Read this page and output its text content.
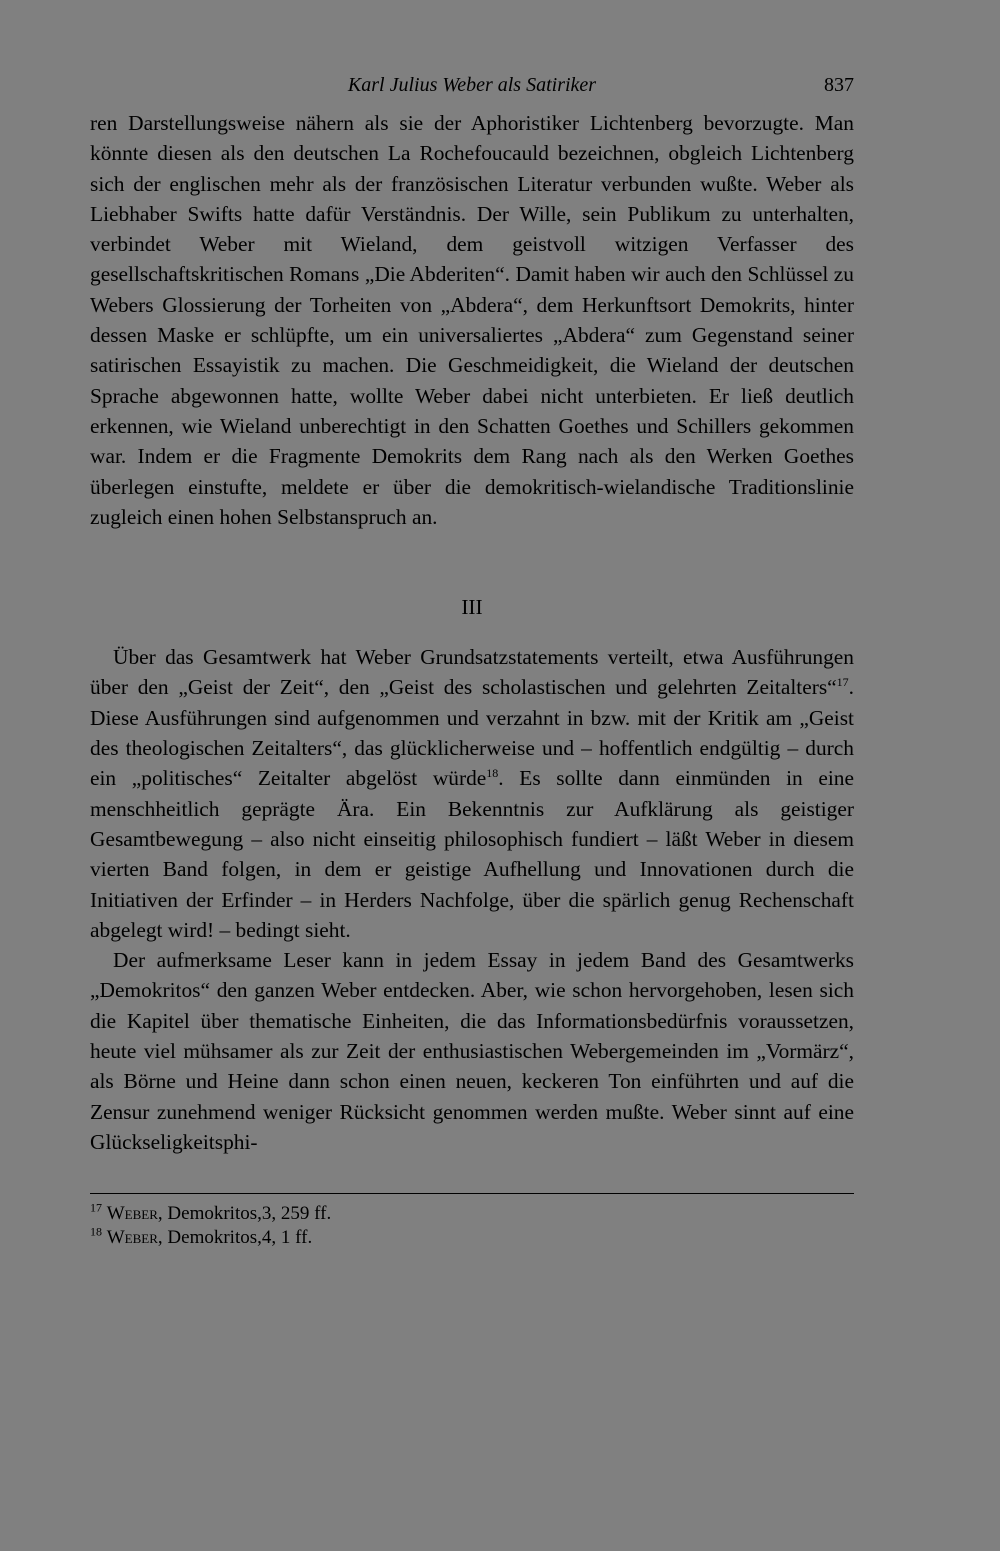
Karl Julius Weber als Satiriker	837

ren Darstellungsweise nähern als sie der Aphoristiker Lichtenberg bevorzugte. Man könnte diesen als den deutschen La Rochefoucauld bezeichnen, obgleich Lichtenberg sich der englischen mehr als der französischen Literatur verbunden wußte. Weber als Liebhaber Swifts hatte dafür Verständnis. Der Wille, sein Publikum zu unterhalten, verbindet Weber mit Wieland, dem geistvoll witzigen Verfasser des gesellschaftskritischen Romans „Die Abderiten“. Damit haben wir auch den Schlüssel zu Webers Glossierung der Torheiten von „Abdera“, dem Herkunftsort Demokrits, hinter dessen Maske er schlüpfte, um ein universaliertes „Abdera“ zum Gegenstand seiner satirischen Essayistik zu machen. Die Geschmeidigkeit, die Wieland der deutschen Sprache abgewonnen hatte, wollte Weber dabei nicht unterbieten. Er ließ deutlich erkennen, wie Wieland unberechtigt in den Schatten Goethes und Schillers gekommen war. Indem er die Fragmente Demokrits dem Rang nach als den Werken Goethes überlegen einstufte, meldete er über die demokritisch-wielandische Traditionslinie zugleich einen hohen Selbstanspruch an.

III

Über das Gesamtwerk hat Weber Grundsatzstatements verteilt, etwa Ausführungen über den „Geist der Zeit“, den „Geist des scholastischen und gelehrten Zeitalters“$^{17}$. Diese Ausführungen sind aufgenommen und verzahnt in bzw. mit der Kritik am „Geist des theologischen Zeitalters“, das glücklicherweise und – hoffentlich endgültig – durch ein „politisches“ Zeitalter abgelöst würde$^{18}$. Es sollte dann einmünden in eine menschheitlich geprägte Ära. Ein Bekenntnis zur Aufklärung als geistiger Gesamtbewegung – also nicht einseitig philosophisch fundiert – läßt Weber in diesem vierten Band folgen, in dem er geistige Aufhellung und Innovationen durch die Initiativen der Erfinder – in Herders Nachfolge, über die spärlich genug Rechenschaft abgelegt wird! – bedingt sieht.

Der aufmerksame Leser kann in jedem Essay in jedem Band des Gesamtwerks „Demokritos“ den ganzen Weber entdecken. Aber, wie schon hervorgehoben, lesen sich die Kapitel über thematische Einheiten, die das Informationsbedürfnis voraussetzen, heute viel mühsamer als zur Zeit der enthusiastischen Webergemeinden im „Vormärz“, als Börne und Heine dann schon einen neuen, keckeren Ton einführten und auf die Zensur zunehmend weniger Rücksicht genommen werden mußte. Weber sinnt auf eine Glückseligkeitsphi-

$^{17}$ Weber, Demokritos,3, 259 ff.
$^{18}$ Weber, Demokritos,4, 1 ff.
